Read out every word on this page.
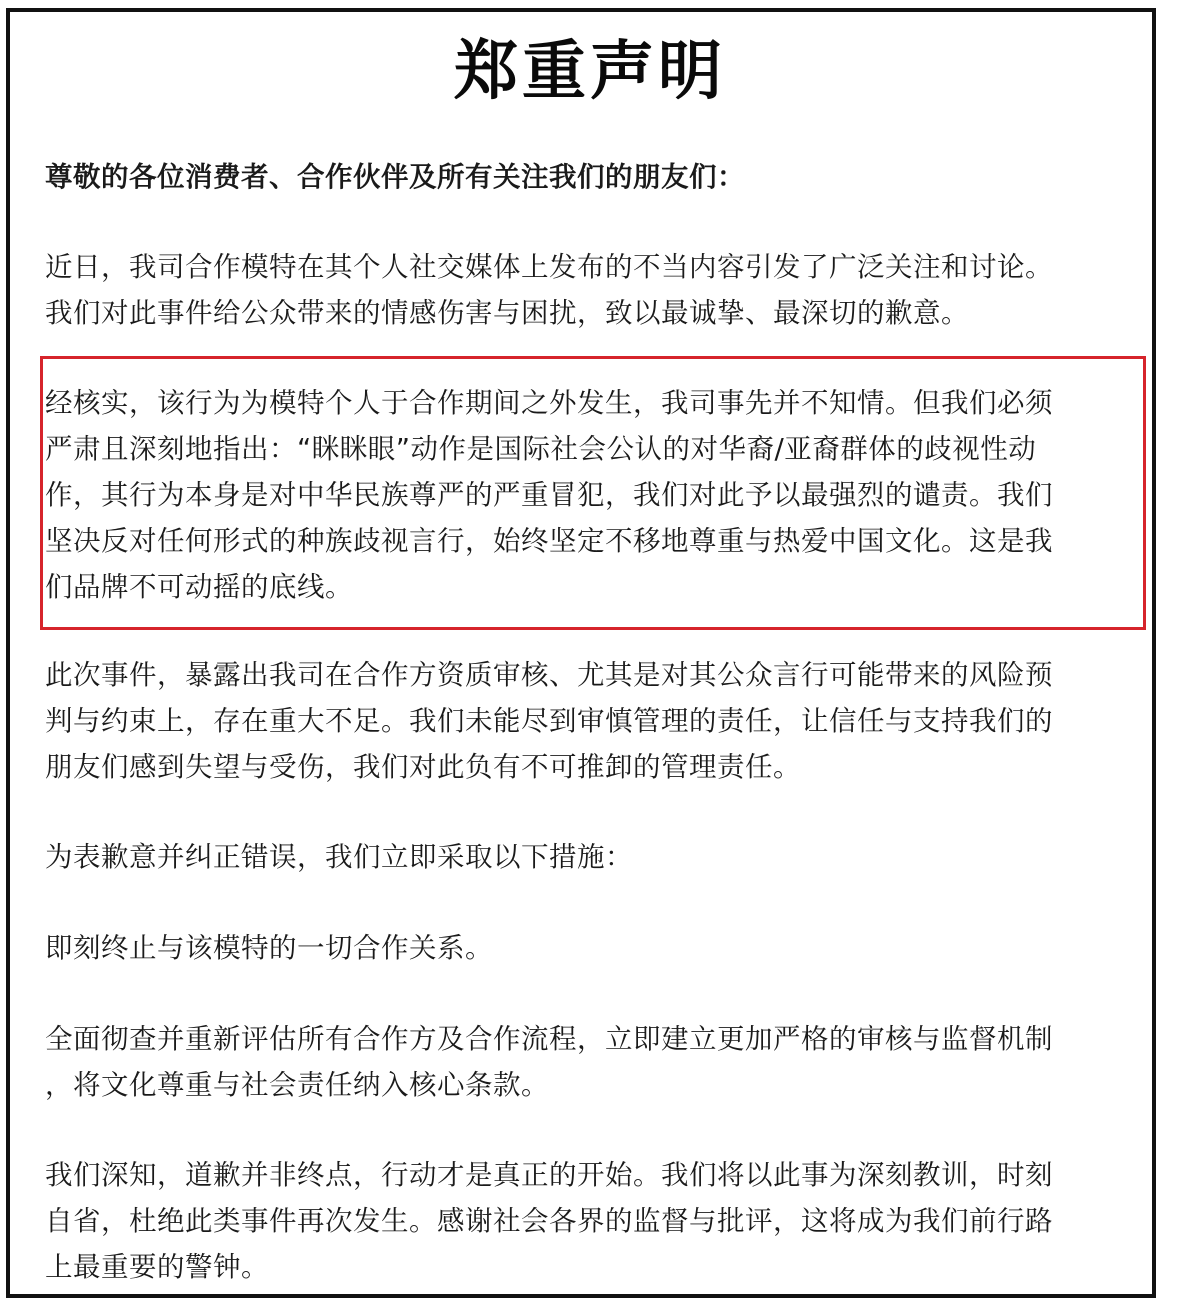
郑重声明

尊敬的各位消费者、合作伙伴及所有关注我们的朋友们：

近日，我司合作模特在其个人社交媒体上发布的不当内容引发了广泛关注和讨论。
我们对此事件给公众带来的情感伤害与困扰，致以最诚挚、最深切的歉意。
经核实，该行为为模特个人于合作期间之外发生，我司事先并不知情。但我们必须
严肃且深刻地指出：“眯眯眼”动作是国际社会公认的对华裔/亚裔群体的歧视性动
作，其行为本身是对中华民族尊严的严重冒犯，我们对此予以最强烈的谴责。我们
坚决反对任何形式的种族歧视言行，始终坚定不移地尊重与热爱中国文化。这是我
们品牌不可动摇的底线。
此次事件，暴露出我司在合作方资质审核、尤其是对其公众言行可能带来的风险预
判与约束上，存在重大不足。我们未能尽到审慎管理的责任，让信任与支持我们的
朋友们感到失望与受伤，我们对此负有不可推卸的管理责任。
为表歉意并纠正错误，我们立即采取以下措施：
即刻终止与该模特的一切合作关系。
全面彻查并重新评估所有合作方及合作流程，立即建立更加严格的审核与监督机制
，将文化尊重与社会责任纳入核心条款。
我们深知，道歉并非终点，行动才是真正的开始。我们将以此事为深刻教训，时刻
自省，杜绝此类事件再次发生。感谢社会各界的监督与批评，这将成为我们前行路
上最重要的警钟。
